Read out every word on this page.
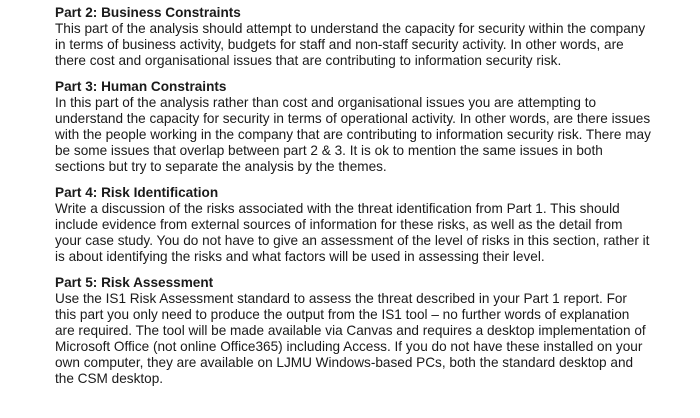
Part 2: Business Constraints

This part of the analysis should attempt to understand the capacity for security within the company

in terms of business activity, budgets for staff and non-staff security activity. In other words, are

there cost and organisational issues that are contributing to information security risk.

Part 3: Human Constraints

In this part of the analysis rather than cost and organisational issues you are attempting to

understand the capacity for security in terms of operational activity. In other words, are there issues

with the people working in the company that are contributing to information security risk. There may

be some issues that overlap between part 2 & 3. It is ok to mention the same issues in both

sections but try to separate the analysis by the themes.

Part 4: Risk Identification

Write a discussion of the risks associated with the threat identification from Part 1. This should

include evidence from external sources of information for these risks, as well as the detail from

your case study. You do not have to give an assessment of the level of risks in this section, rather it

is about identifying the risks and what factors will be used in assessing their level.

Part 5: Risk Assessment

Use the IS1 Risk Assessment standard to assess the threat described in your Part 1 report. For

this part you only need to produce the output from the IS1 tool – no further words of explanation

are required. The tool will be made available via Canvas and requires a desktop implementation of

Microsoft Office (not online Office365) including Access. If you do not have these installed on your

own computer, they are available on LJMU Windows-based PCs, both the standard desktop and

the CSM desktop.
